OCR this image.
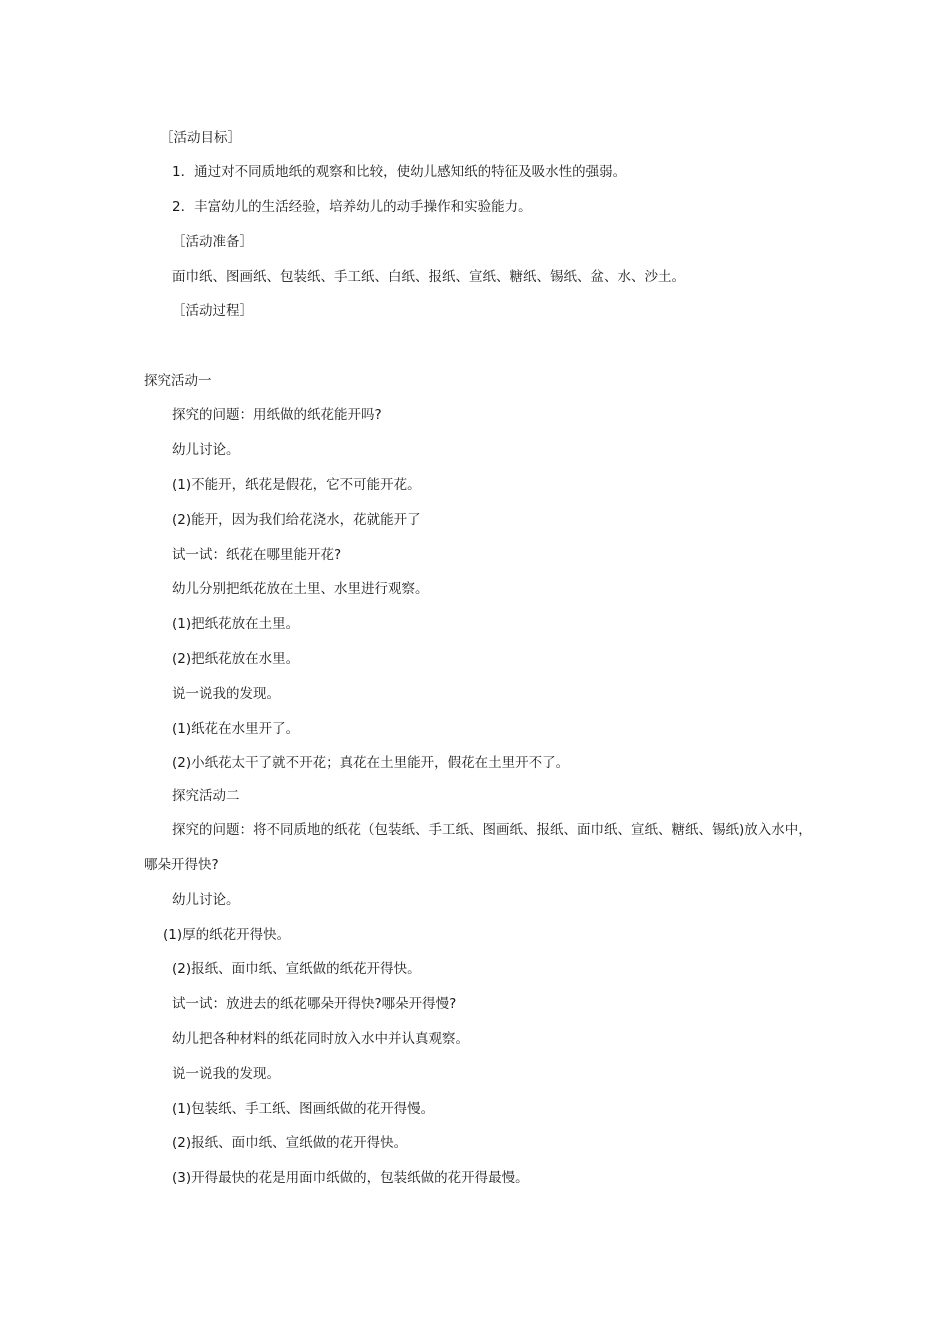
［活动目标］
1．通过对不同质地纸的观察和比较，使幼儿感知纸的特征及吸水性的强弱。
2．丰富幼儿的生活经验，培养幼儿的动手操作和实验能力。
［活动准备］
面巾纸、图画纸、包装纸、手工纸、白纸、报纸、宣纸、糖纸、锡纸、盆、水、沙土。
［活动过程］
探究活动一
探究的问题：用纸做的纸花能开吗?
幼儿讨论。
(1)不能开，纸花是假花，它不可能开花。
(2)能开，因为我们给花浇水，花就能开了
试一试：纸花在哪里能开花?
幼儿分别把纸花放在土里、水里进行观察。
(1)把纸花放在土里。
(2)把纸花放在水里。
说一说我的发现。
(1)纸花在水里开了。
(2)小纸花太干了就不开花；真花在土里能开，假花在土里开不了。
探究活动二
探究的问题：将不同质地的纸花（包装纸、手工纸、图画纸、报纸、面巾纸、宣纸、糖纸、锡纸)放入水中，
哪朵开得快?
幼儿讨论。
(1)厚的纸花开得快。
(2)报纸、面巾纸、宣纸做的纸花开得快。
试一试：放进去的纸花哪朵开得快?哪朵开得慢?
幼儿把各种材料的纸花同时放入水中并认真观察。
说一说我的发现。
(1)包装纸、手工纸、图画纸做的花开得慢。
(2)报纸、面巾纸、宣纸做的花开得快。
(3)开得最快的花是用面巾纸做的，包装纸做的花开得最慢。
